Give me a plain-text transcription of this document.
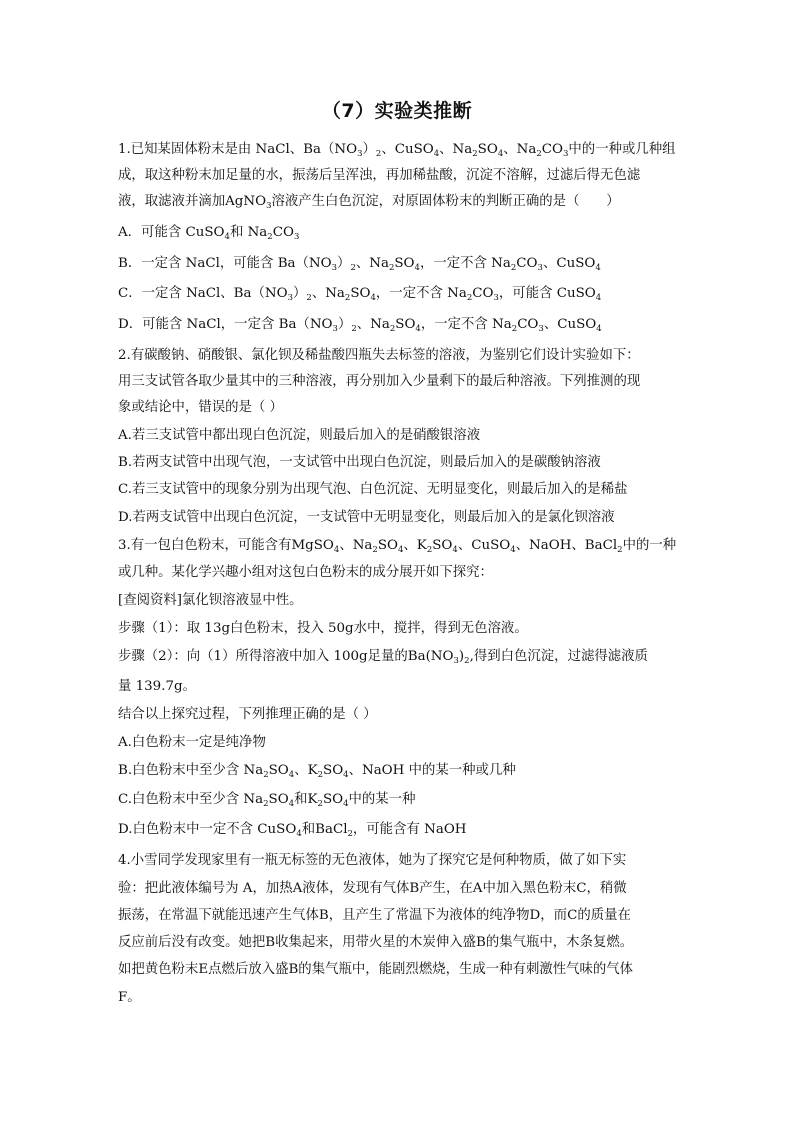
（7）实验类推断
1.已知某固体粉末是由 NaCl、$Ba(NO_3)_2$、CuSO$_4$、$Na_2SO_4$、$Na_2CO_3$中的一种或几种组
成，取这种粉末加足量的水，振荡后呈浑浊，再加稀盐酸，沉淀不溶解，过滤后得无色滤
液，取滤液并滴加AgNO$_3$溶液产生白色沉淀，对原固体粉末的判断正确的是（　　）
A．可能含 CuSO$_4$和 $Na_2CO_3$
B．一定含 NaCl，可能含 $Ba(NO_3)_2$、$Na_2SO_4$，一定不含 $Na_2CO_3$、CuSO$_4$
C．一定含 NaCl、$Ba(NO_3)_2$、$Na_2SO_4$，一定不含 $Na_2CO_3$，可能含 CuSO$_4$
D．可能含 NaCl，一定含 $Ba(NO_3)_2$、$Na_2SO_4$，一定不含 $Na_2CO_3$、CuSO$_4$
2.有碳酸钠、硝酸银、氯化钡及稀盐酸四瓶失去标签的溶液，为鉴别它们设计实验如下：
用三支试管各取少量其中的三种溶液，再分别加入少量剩下的最后种溶液。下列推测的现
象或结论中，错误的是（ ）
A.若三支试管中都出现白色沉淀，则最后加入的是硝酸银溶液
B.若两支试管中出现气泡，一支试管中出现白色沉淀，则最后加入的是碳酸钠溶液
C.若三支试管中的现象分别为出现气泡、白色沉淀、无明显变化，则最后加入的是稀盐
D.若两支试管中出现白色沉淀，一支试管中无明显变化，则最后加入的是氯化钡溶液
3.有一包白色粉末，可能含有MgSO$_4$、$Na_2SO_4$、$K_2SO_4$、CuSO$_4$、NaOH、BaCl$_2$中的一种
或几种。某化学兴趣小组对这包白色粉末的成分展开如下探究：
[查阅资料]氯化钡溶液显中性。
步骤（1）：取 13g白色粉末，投入 50g水中，搅拌，得到无色溶液。
步骤（2）：向（1）所得溶液中加入 100g足量的$Ba(NO_3)_2$,得到白色沉淀，过滤得滤液质
量 139.7g。
结合以上探究过程，下列推理正确的是（ ）
A.白色粉末一定是纯净物
B.白色粉末中至少含 $Na_2SO_4$、$K_2SO_4$、NaOH 中的某一种或几种
C.白色粉末中至少含 $Na_2SO_4$和$K_2SO_4$中的某一种
D.白色粉末中一定不含 CuSO$_4$和BaCl$_2$，可能含有 NaOH
4.小雪同学发现家里有一瓶无标签的无色液体，她为了探究它是何种物质，做了如下实
验：把此液体编号为 A，加热A液体，发现有气体B产生，在A中加入黑色粉末C，稍微
振荡，在常温下就能迅速产生气体B，且产生了常温下为液体的纯净物D，而C的质量在
反应前后没有改变。她把B收集起来，用带火星的木炭伸入盛B的集气瓶中，木条复燃。
如把黄色粉末E点燃后放入盛B的集气瓶中，能剧烈燃烧，生成一种有刺激性气味的气体
F。
